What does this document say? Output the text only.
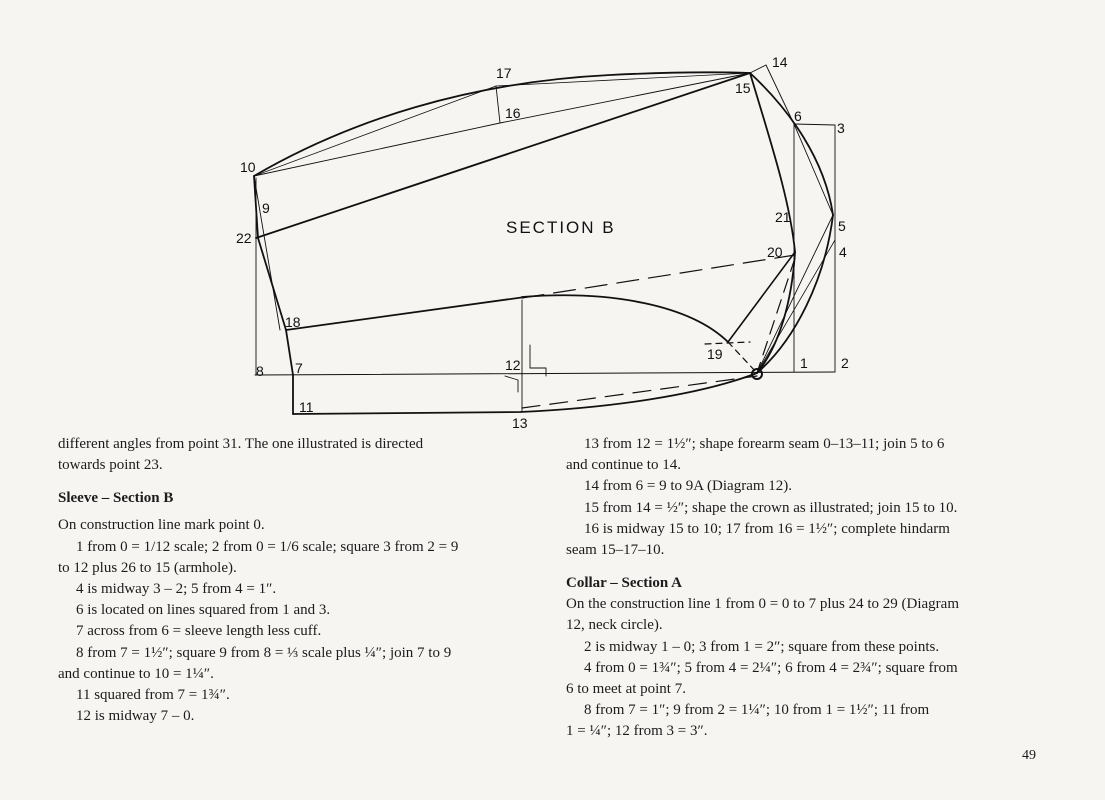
SECTION B
17
16
14
15
6
3
10
9
21
5
22
20	4
18
19
8 7	12	1 2
11
13

different angles from point 31. The one illustrated is directed

towards point 23.

Sleeve – Section B

On construction line mark point 0.

1 from 0 = 1/12 scale; 2 from 0 = 1/6 scale; square 3 from 2 = 9

to 12 plus 26 to 15 (armhole).

4 is midway 3 – 2; 5 from 4 = 1″.

6 is located on lines squared from 1 and 3.

7 across from 6 = sleeve length less cuff.

8 from 7 = 1½″; square 9 from 8 = ⅓ scale plus ¼″; join 7 to 9

and continue to 10 = 1¼″.

11 squared from 7 = 1¾″.

12 is midway 7 – 0.

13 from 12 = 1½″; shape forearm seam 0–13–11; join 5 to 6

and continue to 14.

14 from 6 = 9 to 9A (Diagram 12).

15 from 14 = ½″; shape the crown as illustrated; join 15 to 10.

16 is midway 15 to 10; 17 from 16 = 1½″; complete hindarm

seam 15–17–10.

Collar – Section A

On the construction line 1 from 0 = 0 to 7 plus 24 to 29 (Diagram

12, neck circle).

2 is midway 1 – 0; 3 from 1 = 2″; square from these points.

4 from 0 = 1¾″; 5 from 4 = 2¼″; 6 from 4 = 2¾″; square from

6 to meet at point 7.

8 from 7 = 1″; 9 from 2 = 1¼″; 10 from 1 = 1½″; 11 from

1 = ¼″; 12 from 3 = 3″.

49
